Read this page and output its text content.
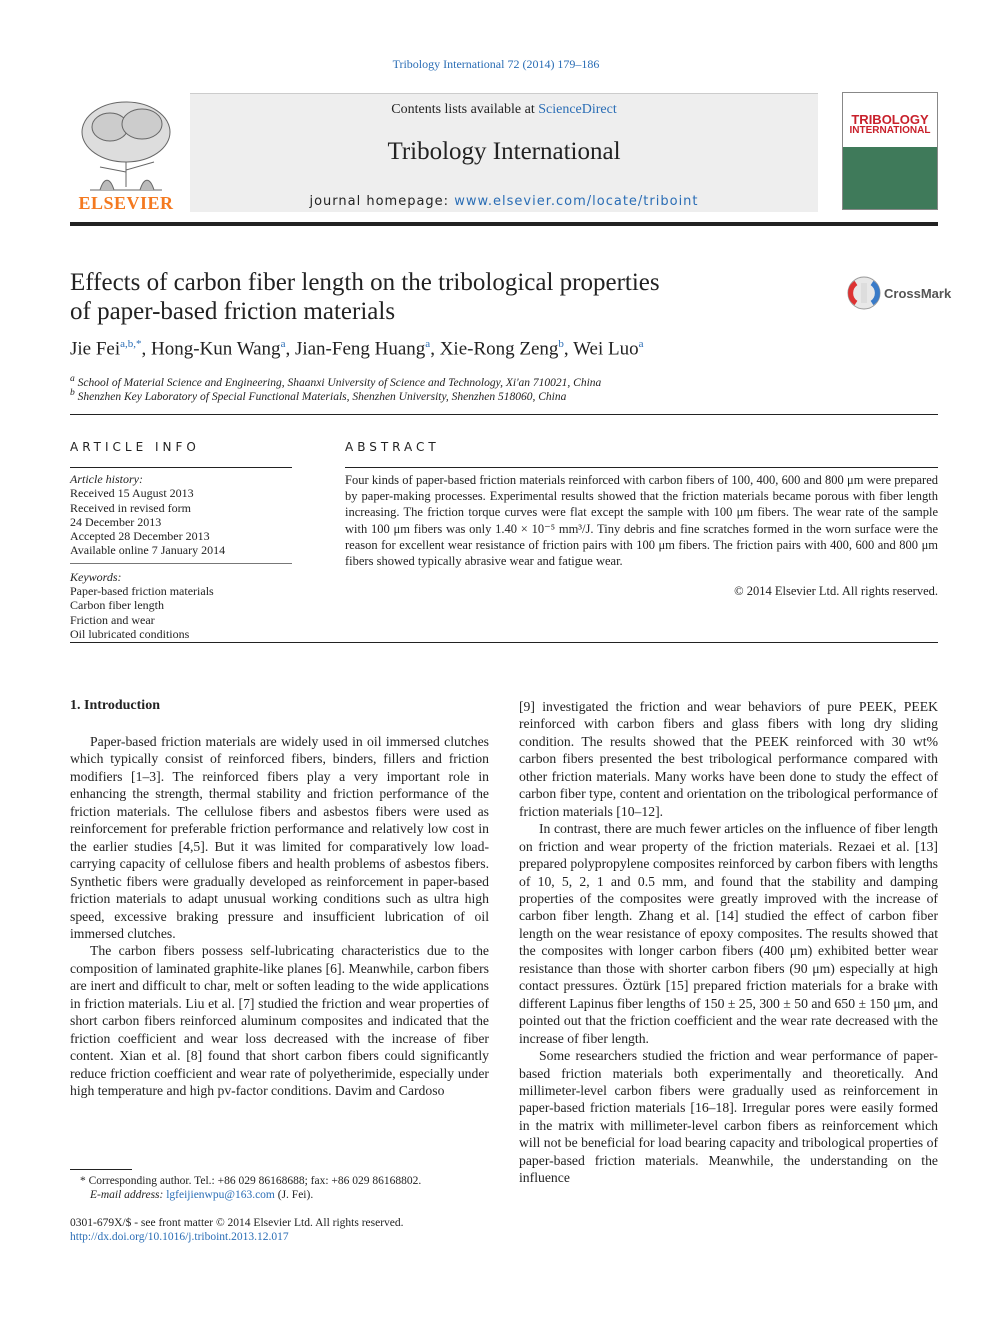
Tribology International 72 (2014) 179–186
ELSEVIER
Contents lists available at ScienceDirect
Tribology International
journal homepage: www.elsevier.com/locate/triboint
TRIBOLOGY
INTERNATIONAL
Effects of carbon fiber length on the tribological properties
of paper-based friction materials
CrossMark
Jie Fei$^{a,b,*}$, Hong-Kun Wang$^a$, Jian-Feng Huang$^a$, Xie-Rong Zeng$^b$, Wei Luo$^a$
$^a$ School of Material Science and Engineering, Shaanxi University of Science and Technology, Xi'an 710021, China
$^b$ Shenzhen Key Laboratory of Special Functional Materials, Shenzhen University, Shenzhen 518060, China
ARTICLE INFO
Article history:
Received 15 August 2013
Received in revised form
24 December 2013
Accepted 28 December 2013
Available online 7 January 2014
Keywords:
Paper-based friction materials
Carbon fiber length
Friction and wear
Oil lubricated conditions
ABSTRACT
Four kinds of paper-based friction materials reinforced with carbon fibers of 100, 400, 600 and 800 μm were prepared by paper-making processes. Experimental results showed that the friction materials became porous with fiber length increasing. The friction torque curves were flat except the sample with 100 μm fibers. The wear rate of the sample with 100 μm fibers was only 1.40 × 10⁻⁵ mm³/J. Tiny debris and fine scratches formed in the worn surface were the reason for excellent wear resistance of friction pairs with 100 μm fibers. The friction pairs with 400, 600 and 800 μm fibers showed typically abrasive wear and fatigue wear.
© 2014 Elsevier Ltd. All rights reserved.
1. Introduction

Paper-based friction materials are widely used in oil immersed clutches which typically consist of reinforced fibers, binders, fillers and friction modifiers [1–3]. The reinforced fibers play a very important role in enhancing the strength, thermal stability and friction performance of the friction materials. The cellulose fibers and asbestos fibers were used as reinforcement for preferable friction performance and relatively low cost in the earlier studies [4,5]. But it was limited for comparatively low load-carrying capacity of cellulose fibers and health problems of asbestos fibers. Synthetic fibers were gradually developed as reinforcement in paper-based friction materials to adapt unusual working conditions such as ultra high speed, excessive braking pressure and insufficient lubrication of oil immersed clutches.

The carbon fibers possess self-lubricating characteristics due to the composition of laminated graphite-like planes [6]. Meanwhile, carbon fibers are inert and difficult to char, melt or soften leading to the wide applications in friction materials. Liu et al. [7] studied the friction and wear properties of short carbon fibers reinforced aluminum composites and indicated that the friction coefficient and wear loss decreased with the increase of fiber content. Xian et al. [8] found that short carbon fibers could significantly reduce friction coefficient and wear rate of polyetherimide, especially under high temperature and high pv-factor conditions. Davim and Cardoso

[9] investigated the friction and wear behaviors of pure PEEK, PEEK reinforced with carbon fibers and glass fibers with long dry sliding condition. The results showed that the PEEK reinforced with 30 wt% carbon fibers presented the best tribological performance compared with other friction materials. Many works have been done to study the effect of carbon fiber type, content and orientation on the tribological performance of friction materials [10–12].

In contrast, there are much fewer articles on the influence of fiber length on friction and wear property of the friction materials. Rezaei et al. [13] prepared polypropylene composites reinforced by carbon fibers with lengths of 10, 5, 2, 1 and 0.5 mm, and found that the stability and damping properties of the composites were greatly improved with the increase of carbon fiber length. Zhang et al. [14] studied the effect of carbon fiber length on the wear resistance of epoxy composites. The results showed that the composites with longer carbon fibers (400 μm) exhibited better wear resistance than those with shorter carbon fibers (90 μm) especially at high contact pressures. Öztürk [15] prepared friction materials for a brake with different Lapinus fiber lengths of 150 ± 25, 300 ± 50 and 650 ± 150 μm, and pointed out that the friction coefficient and the wear rate decreased with the increase of fiber length.

Some researchers studied the friction and wear performance of paper-based friction materials both experimentally and theoretically. And millimeter-level carbon fibers were gradually used as reinforcement in paper-based friction materials [16–18]. Irregular pores were easily formed in the matrix with millimeter-level carbon fibers as reinforcement which will not be beneficial for load bearing capacity and tribological properties of paper-based friction materials. Meanwhile, the understanding on the influence

* Corresponding author. Tel.: +86 029 86168688; fax: +86 029 86168802.
E-mail address: lgfeijienwpu@163.com (J. Fei).
0301-679X/$ - see front matter © 2014 Elsevier Ltd. All rights reserved.
http://dx.doi.org/10.1016/j.triboint.2013.12.017
